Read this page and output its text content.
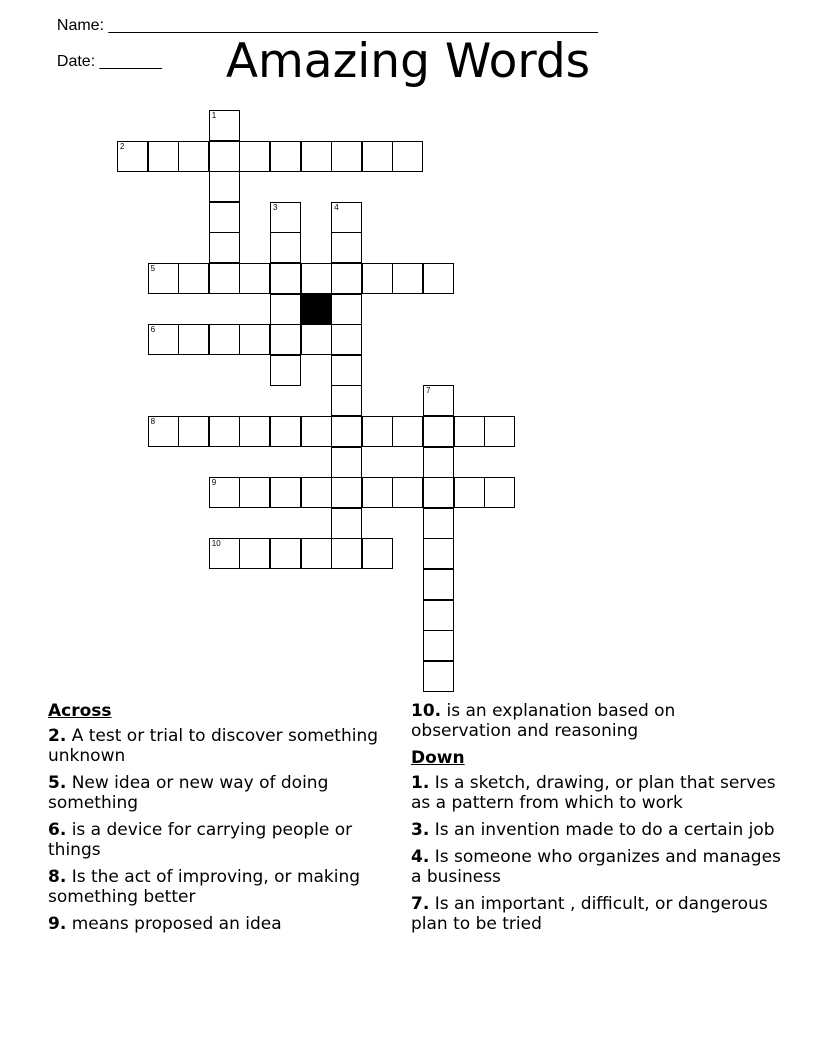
Name: _______________________________________________________

Date: _______	Amazing Words
1
2
3	4
5
6
7
8
9
10
Across
2. A test or trial to discover something unknown
5. New idea or new way of doing something
6. is a device for carrying people or things
8. Is the act of improving, or making something better
9. means proposed an idea
10. is an explanation based on observation and reasoning
Down
1. Is a sketch, drawing, or plan that serves as a pattern from which to work
3. Is an invention made to do a certain job
4. Is someone who organizes and manages a business
7. Is an important , difficult, or dangerous plan to be tried
